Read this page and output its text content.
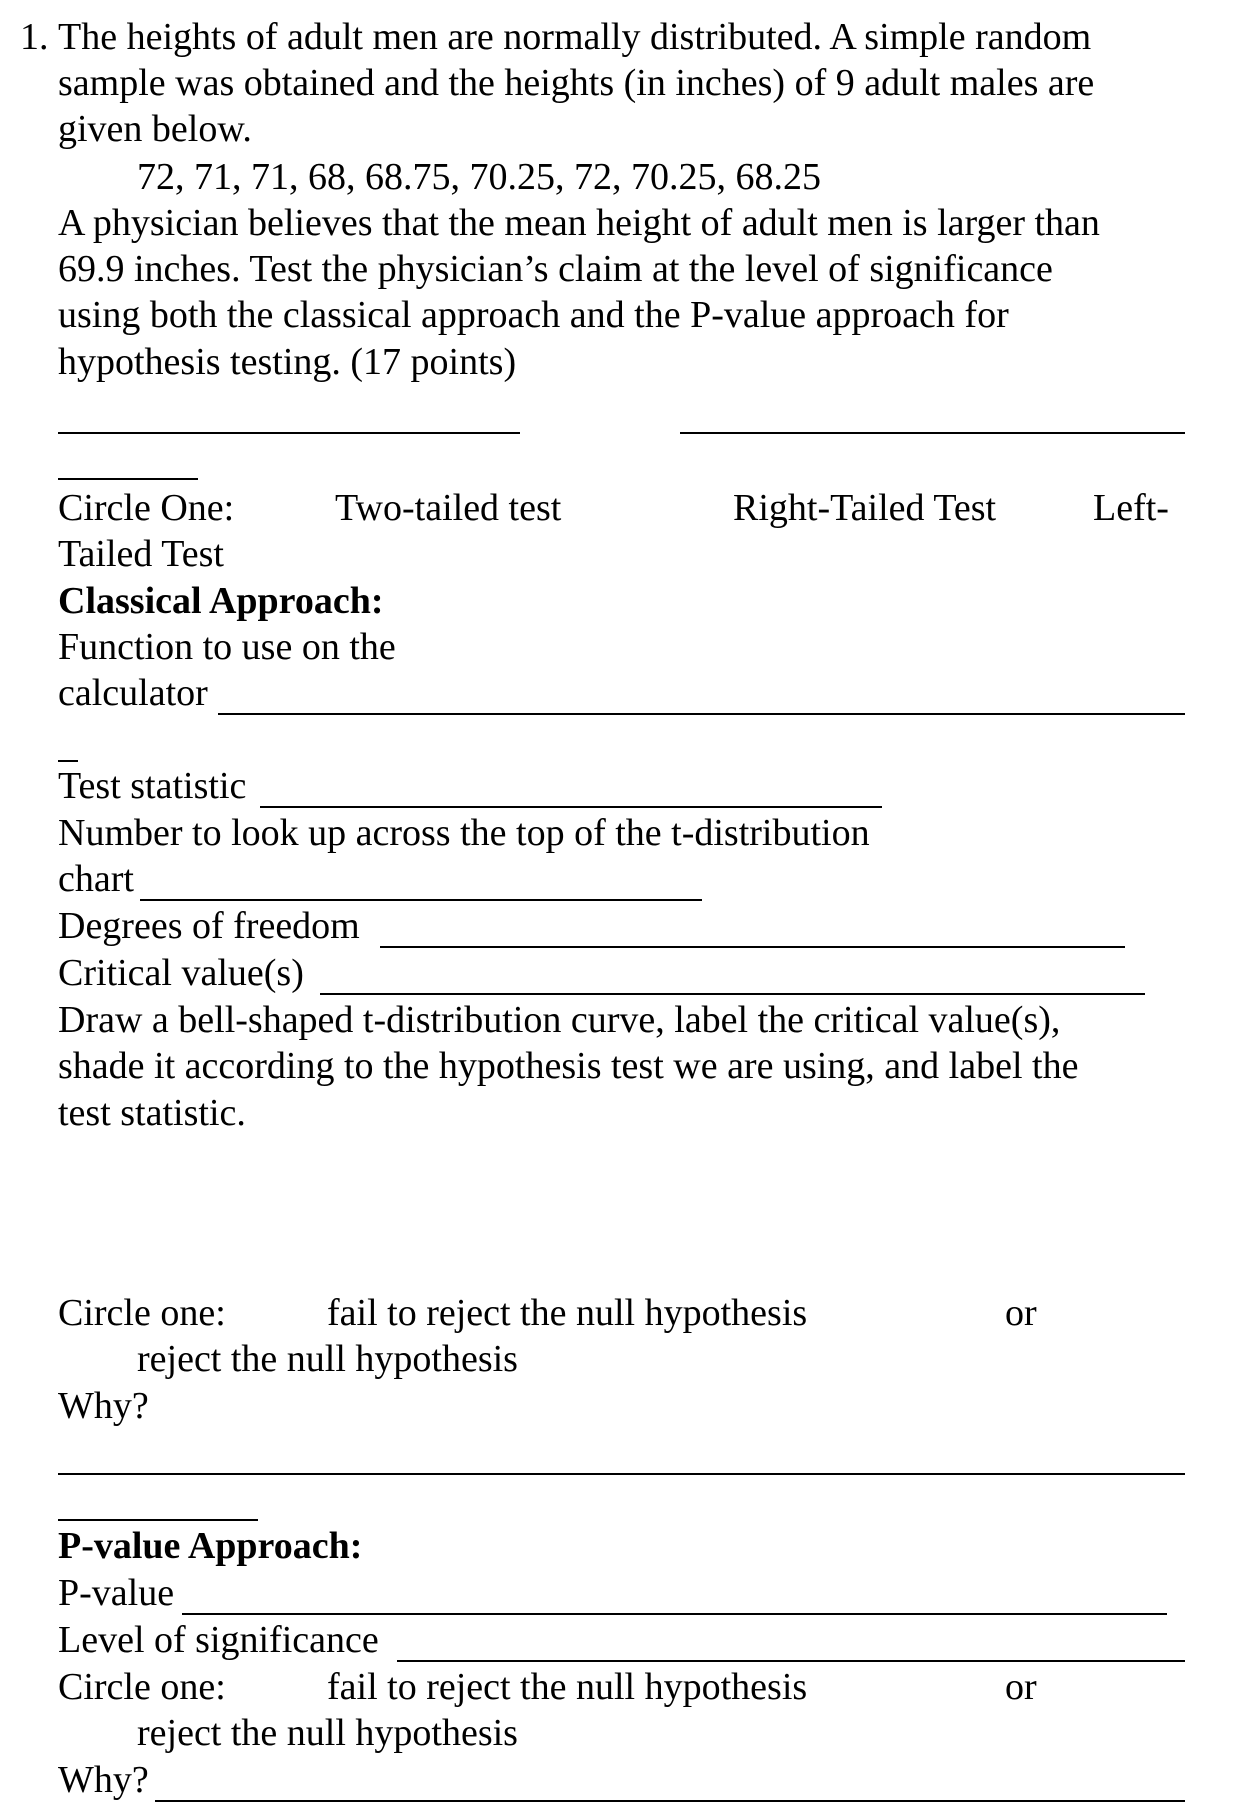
1. The heights of adult men are normally distributed. A simple random
sample was obtained and the heights (in inches) of 9 adult males are
given below.
72, 71, 71, 68, 68.75, 70.25, 72, 70.25, 68.25
A physician believes that the mean height of adult men is larger than
69.9 inches. Test the physician’s claim at the level of significance
using both the classical approach and the P-value approach for
hypothesis testing. (17 points)
Circle One:	Two-tailed test	Right-Tailed Test	Left-
Tailed Test
Classical Approach:
Function to use on the
calculator
Test statistic
Number to look up across the top of the t-distribution
chart
Degrees of freedom
Critical value(s)
Draw a bell-shaped t-distribution curve, label the critical value(s),
shade it according to the hypothesis test we are using, and label the
test statistic.
Circle one:	fail to reject the null hypothesis	or
reject the null hypothesis
Why?
P-value Approach:
P-value
Level of significance
Circle one:	fail to reject the null hypothesis	or
reject the null hypothesis
Why?
